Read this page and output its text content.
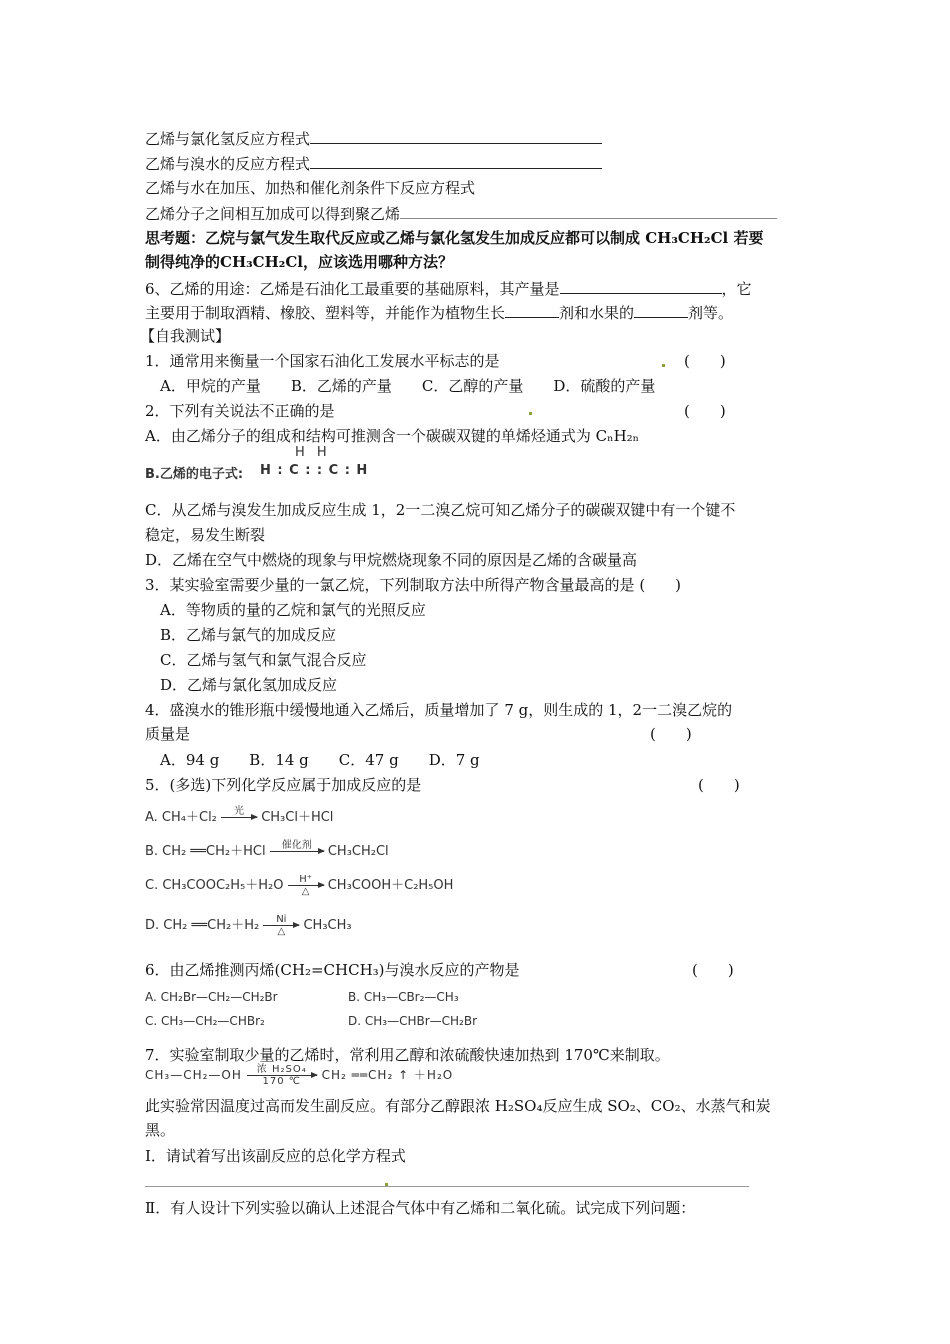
乙烯与氯化氢反应方程式
乙烯与溴水的反应方程式
乙烯与水在加压、加热和催化剂条件下反应方程式
乙烯分子之间相互加成可以得到聚乙烯
思考题：乙烷与氯气发生取代反应或乙烯与氯化氢发生加成反应都可以制成 CH₃CH₂Cl 若要
制得纯净的CH₃CH₂Cl，应该选用哪种方法？
6、乙烯的用途：乙烯是石油化工最重要的基础原料，其产量是	，它
主要用于制取酒精、橡胶、塑料等，并能作为植物生长	剂和水果的	剂等。
【自我测试】
1．通常用来衡量一个国家石油化工发展水平标志的是	(　　)
A．甲烷的产量　　B．乙烯的产量　　C．乙醇的产量　　D．硫酸的产量
2．下列有关说法不正确的是	(　　)
A．由乙烯分子的组成和结构可推测含一个碳碳双键的单烯烃通式为 CₙH₂ₙ
H H
B.乙烯的电子式: H : C : : C : H
C．从乙烯与溴发生加成反应生成 1，2一二溴乙烷可知乙烯分子的碳碳双键中有一个键不
稳定，易发生断裂
D．乙烯在空气中燃烧的现象与甲烷燃烧现象不同的原因是乙烯的含碳量高
3．某实验室需要少量的一氯乙烷，下列制取方法中所得产物含量最高的是 (　　)
A．等物质的量的乙烷和氯气的光照反应
B．乙烯与氯气的加成反应
C．乙烯与氢气和氯气混合反应
D．乙烯与氯化氢加成反应
4．盛溴水的锥形瓶中缓慢地通入乙烯后，质量增加了 7 g，则生成的 1，2一二溴乙烷的
质量是	(　　)
A．94 g　　B．14 g　　C．47 g　　D．7 g
5．(多选)下列化学反应属于加成反应的是	(　　)
A. CH₄＋Cl₂	光
	CH₃Cl＋HCl
B. CH₂ ══CH₂＋HCl	催化剂
	CH₃CH₂Cl
C. CH₃COOC₂H₅＋H₂O	H⁺
△	CH₃COOH＋C₂H₅OH
D. CH₂ ══CH₂＋H₂	Ni
△	CH₃CH₃
6．由乙烯推测丙烯(CH₂=CHCH₃)与溴水反应的产物是	(　　)
A. CH₂Br—CH₂—CH₂Br	B. CH₃—CBr₂—CH₃
C. CH₃—CH₂—CHBr₂	D. CH₃—CHBr—CH₂Br
7．实验室制取少量的乙烯时，常利用乙醇和浓硫酸快速加热到 170℃来制取。
CH₃—CH₂—OH	浓 H₂SO₄
170 ℃	CH₂ ══CH₂ ↑ ＋H₂O
此实验常因温度过高而发生副反应。有部分乙醇跟浓 H₂SO₄反应生成 SO₂、CO₂、水蒸气和炭
黑。
Ⅰ．请试着写出该副反应的总化学方程式
Ⅱ．有人设计下列实验以确认上述混合气体中有乙烯和二氧化硫。试完成下列问题：
